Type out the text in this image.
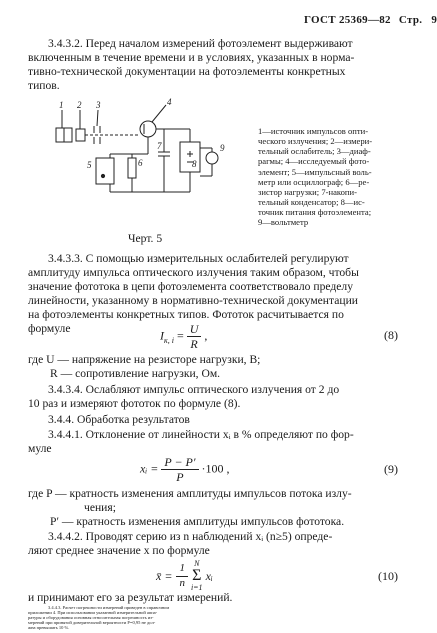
ГОСТ 25369—82 Стр. 9
3.4.3.2. Перед началом измерений фотоэлемент выдерживают
включенным в течение времени и в условиях, указанных в норма-
тивно-технической документации на фотоэлементы конкретных
типов.
1 2 3	4
5	6
7
8
9
1—источник импульсов опти-
ческого излучения; 2—измери-
тельный ослабитель; 3—диаф-
рагмы; 4—исследуемый фото-
элемент; 5—импульсный воль-
метр или осциллограф; 6—ре-
зистор нагрузки; 7-накопи-
тельный конденсатор; 8—ис-
точник питания фотоэлемента;
9—вольтметр
Черт. 5
3.4.3.3. С помощью измерительных ослабителей регулируют
амплитуду импульса оптического излучения таким образом, чтобы
значение фототока в цепи фотоэлемента соответствовало пределу
линейности, указанному в нормативно-технической документации
на фотоэлементы конкретных типов. Фототок расчитывается по
формуле
$I_{к, i} = \frac{U}{R}$ ,	(8)
где U — напряжение на резисторе нагрузки, В;
R — сопротивление нагрузки, Ом.
3.4.3.4. Ослабляют импульс оптического излучения от 2 до
10 раз и измеряют фототок по формуле (8).
3.4.4. Обработка результатов
3.4.4.1. Отклонение от линейности xᵢ в % определяют по фор-
муле
xᵢ = $\frac{P - P'}{P} \cdot 100$ ,	(9)
где P — кратность изменения амплитуды импульсов потока излу-
чения;
P′ — кратность изменения амплитуды импульсов фототока.
3.4.4.2. Проводят серию из n наблюдений xᵢ (n≥5) опреде-
ляют среднее значение x по формуле
x̄ = $\frac{1}{n}$ N
Σ
i=1
xᵢ	(10)
и принимают его за результат измерений.
3.4.4.3. Расчет погрешности измерений приведен в справочном
приложении 4. При использовании указанной измерительной аппа-
ратуры и оборудования основная относительная погрешность из-
мерений при принятой доверительной вероятности P=0,95 не дол-
жна превышать 10 %.
